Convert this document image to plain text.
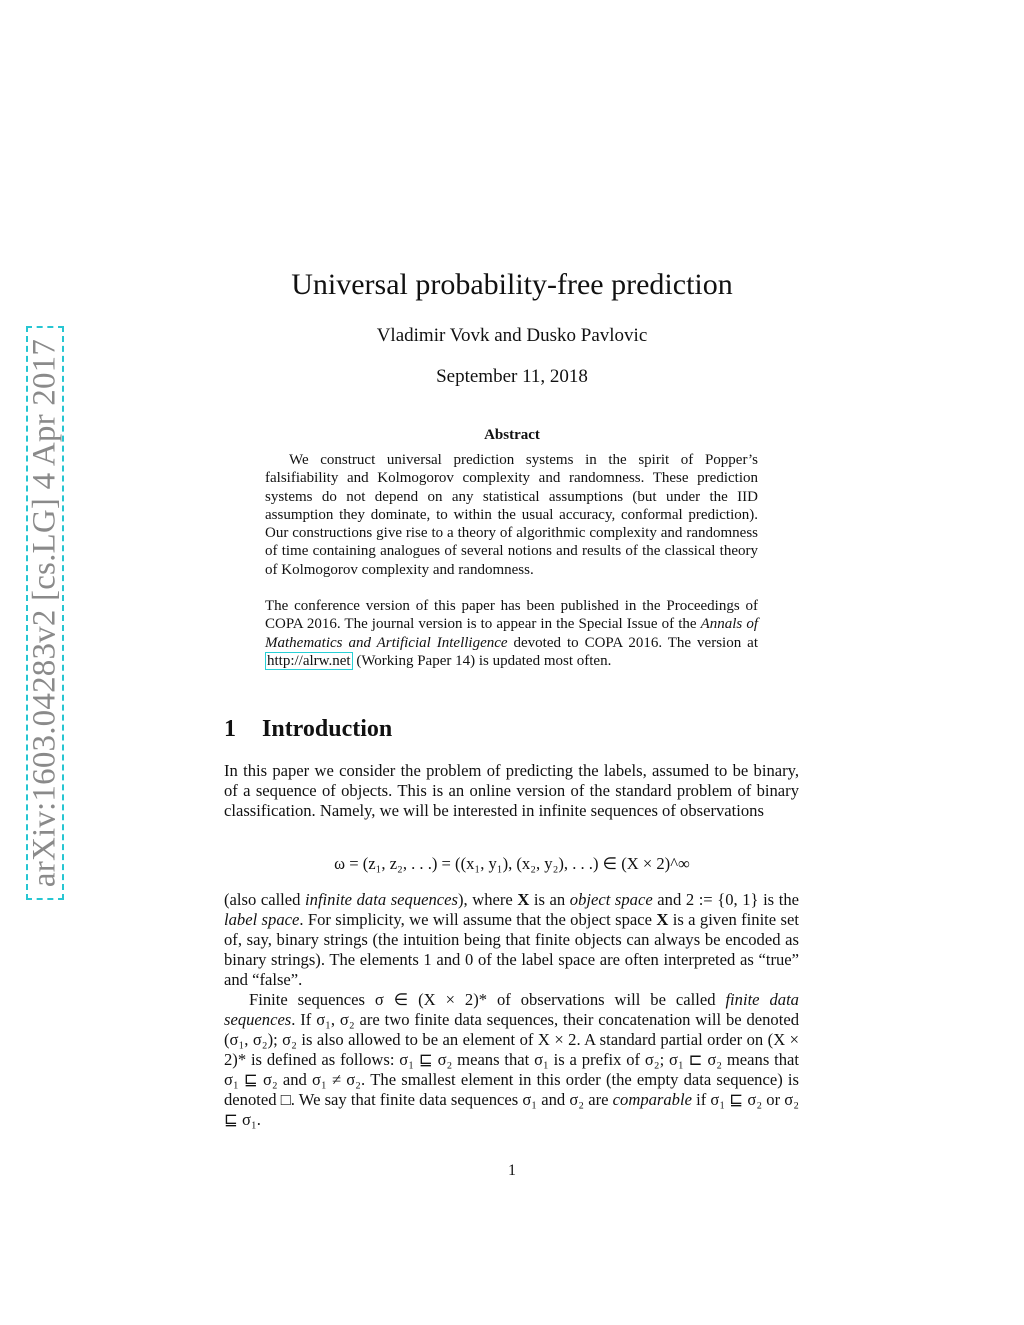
arXiv:1603.04283v2 [cs.LG] 4 Apr 2017
Universal probability-free prediction
Vladimir Vovk and Dusko Pavlovic
September 11, 2018
Abstract
We construct universal prediction systems in the spirit of Popper’s falsifiability and Kolmogorov complexity and randomness. These prediction systems do not depend on any statistical assumptions (but under the IID assumption they dominate, to within the usual accuracy, conformal prediction). Our constructions give rise to a theory of algorithmic complexity and randomness of time containing analogues of several notions and results of the classical theory of Kolmogorov complexity and randomness.
The conference version of this paper has been published in the Proceedings of COPA 2016. The journal version is to appear in the Special Issue of the Annals of Mathematics and Artificial Intelligence devoted to COPA 2016. The version at http://alrw.net (Working Paper 14) is updated most often.
1 Introduction
In this paper we consider the problem of predicting the labels, assumed to be binary, of a sequence of objects. This is an online version of the standard problem of binary classification. Namely, we will be interested in infinite sequences of observations
ω = (z₁, z₂, . . .) = ((x₁, y₁), (x₂, y₂), . . .) ∈ (X × 2)^∞
(also called infinite data sequences), where X is an object space and 2 := {0, 1} is the label space. For simplicity, we will assume that the object space X is a given finite set of, say, binary strings (the intuition being that finite objects can always be encoded as binary strings). The elements 1 and 0 of the label space are often interpreted as “true” and “false”.
Finite sequences σ ∈ (X × 2)* of observations will be called finite data sequences. If σ₁, σ₂ are two finite data sequences, their concatenation will be denoted (σ₁, σ₂); σ₂ is also allowed to be an element of X × 2. A standard partial order on (X × 2)* is defined as follows: σ₁ ⊑ σ₂ means that σ₁ is a prefix of σ₂; σ₁ ⊏ σ₂ means that σ₁ ⊑ σ₂ and σ₁ ≠ σ₂. The smallest element in this order (the empty data sequence) is denoted □. We say that finite data sequences σ₁ and σ₂ are comparable if σ₁ ⊑ σ₂ or σ₂ ⊑ σ₁.
1
